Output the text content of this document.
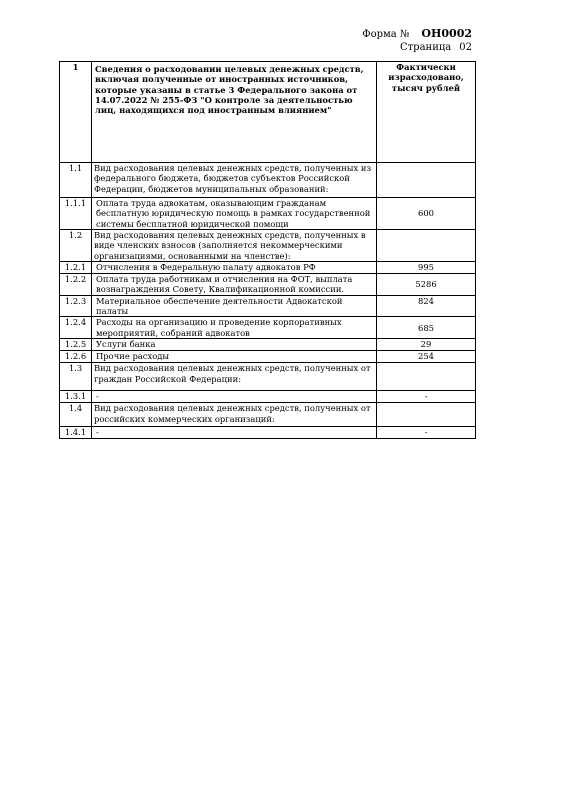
Форма № ОН0002
Страница 02
1	Сведения о расходовании целевых денежных средств, включая полученные от иностранных источников, которые указаны в статье 3 Федерального закона от 14.07.2022 № 255-ФЗ "О контроле за деятельностью лиц, находящихся под иностранным влиянием"	Фактически израсходовано, тысяч рублей
1.1	Вид расходования целевых денежных средств, полученных из федерального бюджета, бюджетов субъектов Российской Федерации, бюджетов муниципальных образований:	
1.1.1	Оплата труда адвокатам, оказывающим гражданам бесплатную юридическую помощь в рамках государственной системы бесплатной юридической помощи	600
1.2	Вид расходования целевых денежных средств, полученных в виде членских взносов (заполняется некоммерческими организациями, основанными на членстве):	
1.2.1	Отчисления в Федеральную палату адвокатов РФ	995
1.2.2	Оплата труда работникам и отчисления на ФОТ, выплата вознаграждения Совету, Квалификационной комиссии.	5286
1.2.3	Материальное обеспечение деятельности Адвокатской палаты	824
1.2.4	Расходы на организацию и проведение корпоративных мероприятий, собраний адвокатов	685
1.2.5	Услуги банка	29
1.2.6	Прочие расходы	254
1.3	Вид расходования целевых денежных средств, полученных от граждан Российской Федерации:	
1.3.1	-	-
1.4	Вид расходования целевых денежных средств, полученных от российских коммерческих организаций:	
1.4.1	-	-
